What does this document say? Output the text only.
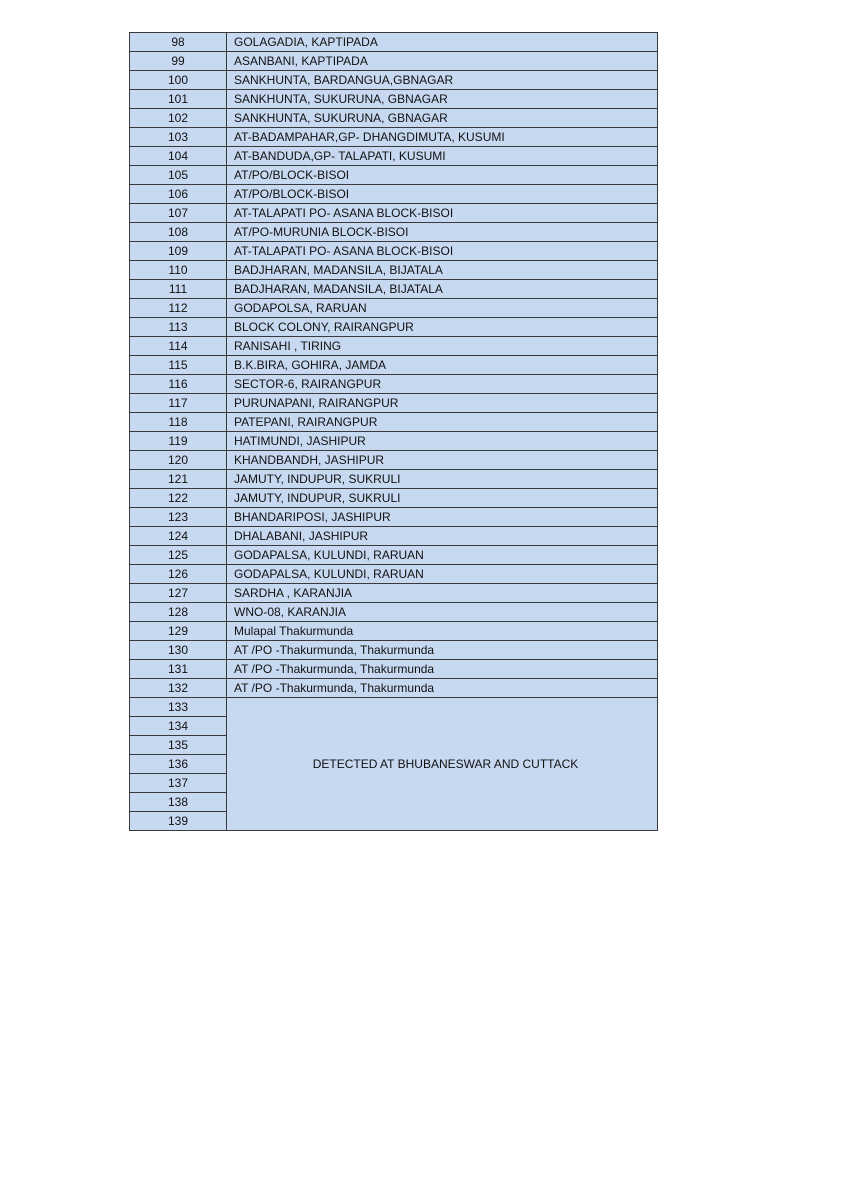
98	GOLAGADIA, KAPTIPADA
99	ASANBANI, KAPTIPADA
100	SANKHUNTA, BARDANGUA,GBNAGAR
101	SANKHUNTA, SUKURUNA, GBNAGAR
102	SANKHUNTA, SUKURUNA, GBNAGAR
103	AT-BADAMPAHAR,GP- DHANGDIMUTA, KUSUMI
104	AT-BANDUDA,GP- TALAPATI, KUSUMI
105	AT/PO/BLOCK-BISOI
106	AT/PO/BLOCK-BISOI
107	AT-TALAPATI PO- ASANA BLOCK-BISOI
108	AT/PO-MURUNIA BLOCK-BISOI
109	AT-TALAPATI PO- ASANA BLOCK-BISOI
110	BADJHARAN, MADANSILA, BIJATALA
111	BADJHARAN, MADANSILA, BIJATALA
112	GODAPOLSA, RARUAN
113	BLOCK COLONY, RAIRANGPUR
114	RANISAHI , TIRING
115	B.K.BIRA, GOHIRA, JAMDA
116	SECTOR-6, RAIRANGPUR
117	PURUNAPANI, RAIRANGPUR
118	PATEPANI, RAIRANGPUR
119	HATIMUNDI, JASHIPUR
120	KHANDBANDH, JASHIPUR
121	JAMUTY, INDUPUR, SUKRULI
122	JAMUTY, INDUPUR, SUKRULI
123	BHANDARIPOSI, JASHIPUR
124	DHALABANI, JASHIPUR
125	GODAPALSA, KULUNDI, RARUAN
126	GODAPALSA, KULUNDI, RARUAN
127	SARDHA , KARANJIA
128	WNO-08, KARANJIA
129	Mulapal Thakurmunda
130	AT /PO -Thakurmunda, Thakurmunda
131	AT /PO -Thakurmunda, Thakurmunda
132	AT /PO -Thakurmunda, Thakurmunda
133	DETECTED AT BHUBANESWAR AND CUTTACK
134	
135	
136	
137	
138	
139	
